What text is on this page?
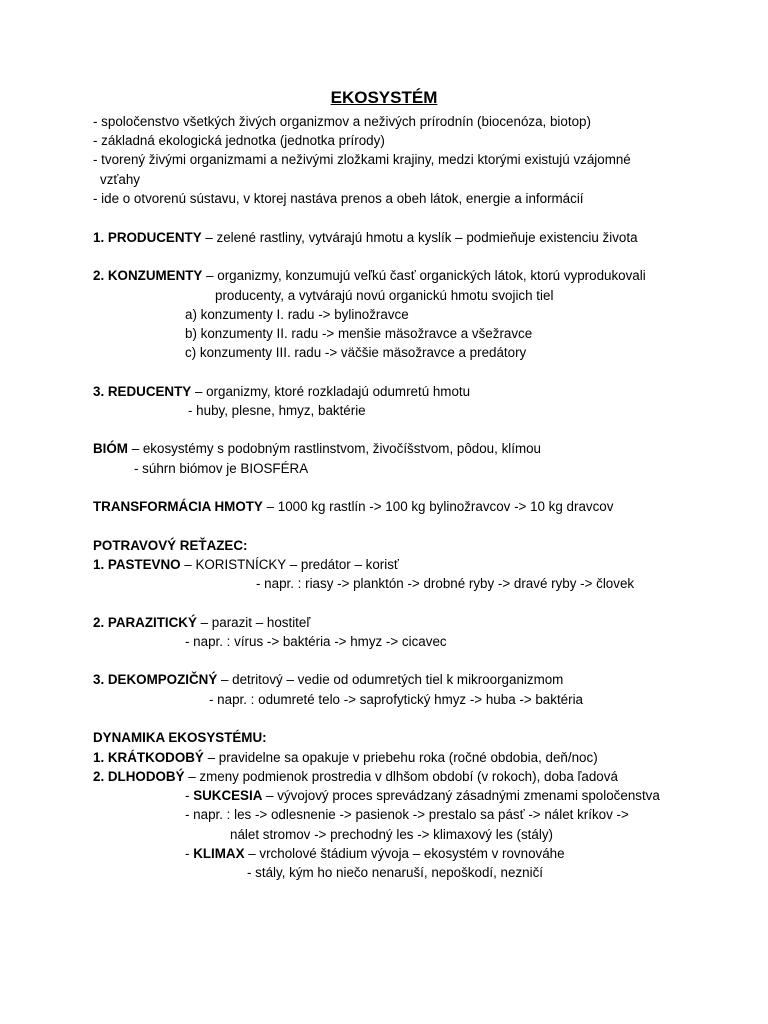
EKOSYSTÉM
- spoločenstvo všetkých živých organizmov a neživých prírodnín (biocenóza, biotop)
- základná ekologická jednotka (jednotka prírody)
- tvorený živými organizmami a neživými zložkami krajiny, medzi ktorými existujú vzájomné
vzťahy
- ide o otvorenú sústavu, v ktorej nastáva prenos a obeh látok, energie a informácií
1. PRODUCENTY – zelené rastliny, vytvárajú hmotu a kyslík – podmieňuje existenciu života
2. KONZUMENTY – organizmy, konzumujú veľkú časť organických látok, ktorú vyprodukovali
producenty, a vytvárajú novú organickú hmotu svojich tiel
a) konzumenty I. radu -> bylinožravce
b) konzumenty II. radu -> menšie mäsožravce a všežravce
c) konzumenty III. radu -> väčšie mäsožravce a predátory
3. REDUCENTY – organizmy, ktoré rozkladajú odumretú hmotu
- huby, plesne, hmyz, baktérie
BIÓM – ekosystémy s podobným rastlinstvom, živočíšstvom, pôdou, klímou
- súhrn biómov je BIOSFÉRA
TRANSFORMÁCIA HMOTY – 1000 kg rastlín -> 100 kg bylinožravcov -> 10 kg dravcov
POTRAVOVÝ REŤAZEC:
1. PASTEVNO – KORISTNÍCKY – predátor – korisť
- napr. : riasy -> planktón -> drobné ryby -> dravé ryby -> človek
2. PARAZITICKÝ – parazit – hostiteľ
- napr. : vírus -> baktéria -> hmyz -> cicavec
3. DEKOMPOZIČNÝ – detritový – vedie od odumretých tiel k mikroorganizmom
- napr. : odumreté telo -> saprofytický hmyz -> huba -> baktéria
DYNAMIKA EKOSYSTÉMU:
1. KRÁTKODOBÝ – pravidelne sa opakuje v priebehu roka (ročné obdobia, deň/noc)
2. DLHODOBÝ – zmeny podmienok prostredia v dlhšom období (v rokoch), doba ľadová
- SUKCESIA – vývojový proces sprevádzaný zásadnými zmenami spoločenstva
- napr. : les -> odlesnenie -> pasienok -> prestalo sa pásť -> nálet kríkov ->
nálet stromov -> prechodný les -> klimaxový les (stály)
- KLIMAX – vrcholové štádium vývoja – ekosystém v rovnováhe
- stály, kým ho niečo nenaruší, nepoškodí, nezničí
